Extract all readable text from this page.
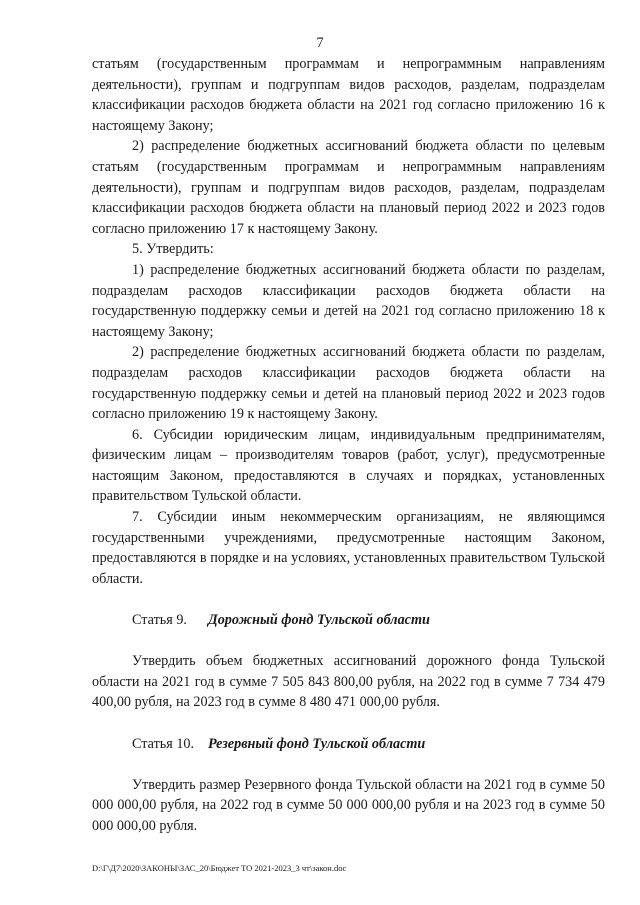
7

статьям (государственным программам и непрограммным направлениям деятельности), группам и подгруппам видов расходов, разделам, подразделам классификации расходов бюджета области на 2021 год согласно приложению 16 к настоящему Закону;

2) распределение бюджетных ассигнований бюджета области по целевым статьям (государственным программам и непрограммным направлениям деятельности), группам и подгруппам видов расходов, разделам, подразделам классификации расходов бюджета области на плановый период 2022 и 2023 годов согласно приложению 17 к настоящему Закону.

5. Утвердить:

1) распределение бюджетных ассигнований бюджета области по разделам, подразделам расходов классификации расходов бюджета области на государственную поддержку семьи и детей на 2021 год согласно приложению 18 к настоящему Закону;

2) распределение бюджетных ассигнований бюджета области по разделам, подразделам расходов классификации расходов бюджета области на государственную поддержку семьи и детей на плановый период 2022 и 2023 годов согласно приложению 19 к настоящему Закону.

6. Субсидии юридическим лицам, индивидуальным предпринимателям, физическим лицам – производителям товаров (работ, услуг), предусмотренные настоящим Законом, предоставляются в случаях и порядках, установленных правительством Тульской области.

7. Субсидии иным некоммерческим организациям, не являющимся государственными учреждениями, предусмотренные настоящим Законом, предоставляются в порядке и на условиях, установленных правительством Тульской области.

Статья 9. Дорожный фонд Тульской области

Утвердить объем бюджетных ассигнований дорожного фонда Тульской области на 2021 год в сумме 7 505 843 800,00 рубля, на 2022 год в сумме 7 734 479 400,00 рубля, на 2023 год в сумме 8 480 471 000,00 рубля.

Статья 10. Резервный фонд Тульской области

Утвердить размер Резервного фонда Тульской области на 2021 год в сумме 50 000 000,00 рубля, на 2022 год в сумме 50 000 000,00 рубля и на 2023 год в сумме 50 000 000,00 рубля.

D:\Г\Д7\2020\ЗАКОНЫ\ЗАС_20\Бюджет ТО 2021-2023_3 чт\закон.doc
